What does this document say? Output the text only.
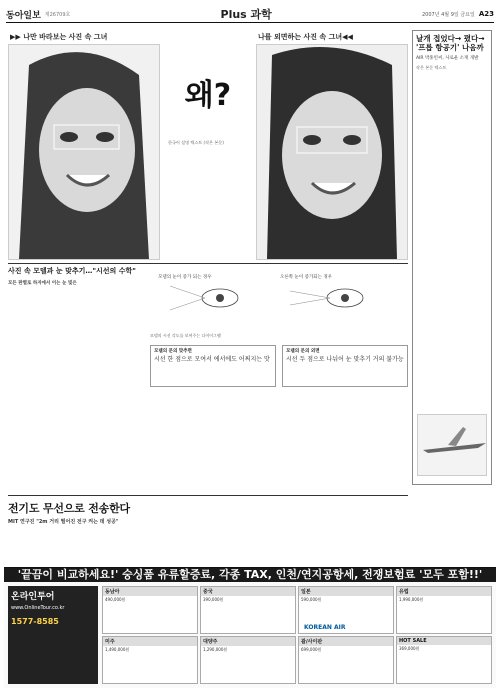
동아일보 제26709호	Plus 과학	2007년 4월 9일 금요일 A23
▶▶ 나만 바라보는 사진 속 그녀	나를 외면하는 사진 속 그녀◀◀
왜?
한국어 설명 텍스트 (작은 본문)
날개 접었다→ 폈다→ '프롭 항공기' 나옴까
AIR 박홍빈씨, 사로운 소재 개발
작은 본문 텍스트
사진 속 모델과 눈 맞추기…"시선의 수학"
모든 판별로 하지에서 이는 눈 빛은
모델의 눈이 증가 되는 경우	오른쪽 눈이 증가되는 경우
모델의 시선 각도를 보여주는 다이어그램
모델의 문의 맞추면
시선 한 점으로 모여서 에서에도 어쩌지는 맛
모델의 문의 외면
시선 두 점으로 나눠어 눈 맞추기 거의 불가능
전기도 무선으로 전송한다
MIT 연구진 "2m 거리 떨어진 전구 켜는 데 성공"
'끝끔이 비교하세요!' 숭싱품 유류할증료, 각종 TAX, 인천/연지공항세, 전쟁보험료 '모두 포함!!'
온라인투어
www.OnlineTour.co.kr
1577-8585
동남아
490,000원
중국
390,000원
일본
590,000원
유럽
1,990,000원
미주
1,490,000원
대양주
1,290,000원
괌/사이판
699,000원
HOT SALE
369,000원
KOREAN AIR
